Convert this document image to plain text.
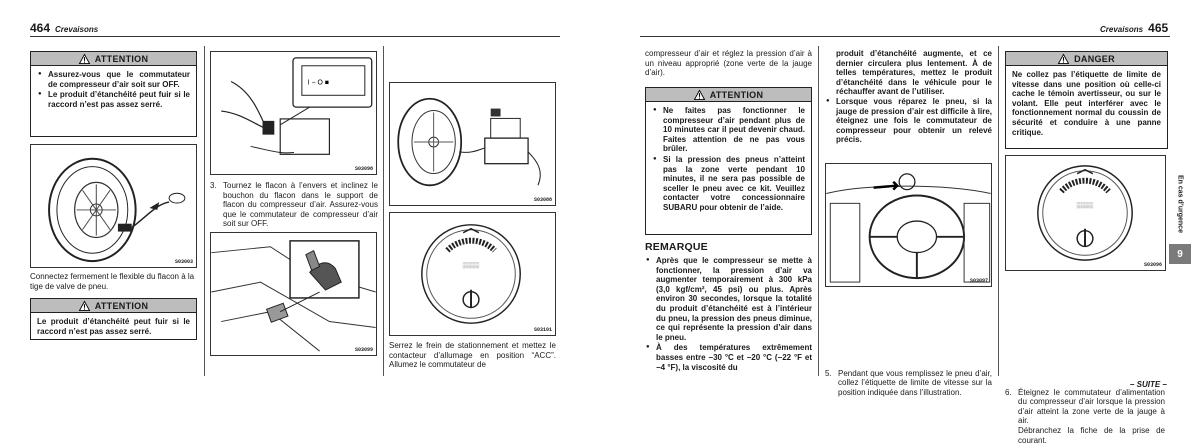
464 Crevaisons	Crevaisons 465
ATTENTION
● Assurez-vous que le commutateur de compresseur d’air soit sur OFF.
● Le produit d’étanchéité peut fuir si le raccord n’est pas assez serré.
S03003
Connectez fermement le flexible du flacon à la tige de valve de pneu.
ATTENTION
Le produit d’étanchéité peut fuir si le raccord n’est pas assez serré.
I − O ■
S03098
3. Tournez le flacon à l’envers et inclinez le bouchon du flacon dans le support de flacon du compresseur d’air. Assurez-vous que le commutateur de compresseur d’air soit sur OFF.
S03099
S03088
░░░░
S03101
Serrez le frein de stationnement et mettez le contacteur d’allumage en position “ACC”. Allumez le commutateur de
compresseur d’air et réglez la pression d’air à un niveau approprié (zone verte de la jauge d’air).
ATTENTION
● Ne faites pas fonctionner le compresseur d’air pendant plus de 10 minutes car il peut devenir chaud. Faites attention de ne pas vous brûler.
● Si la pression des pneus n’atteint pas la zone verte pendant 10 minutes, il ne sera pas possible de sceller le pneu avec ce kit. Veuillez contacter votre concessionnaire SUBARU pour obtenir de l’aide.
REMARQUE
● Après que le compresseur se mette à fonctionner, la pression d’air va augmenter temporairement à 300 kPa (3,0 kgf/cm², 45 psi) ou plus. Après environ 30 secondes, lorsque la totalité du produit d’étanchéité est à l’intérieur du pneu, la pression des pneus diminue, ce qui représente la pression d’air dans le pneu.
● À des températures extrêmement basses entre −30 °C et −20 °C (−22 °F et −4 °F), la viscosité du
produit d’étanchéité augmente, et ce dernier circulera plus lentement. À de telles températures, mettez le produit d’étanchéité dans le véhicule pour le réchauffer avant de l’utiliser.
● Lorsque vous réparez le pneu, si la jauge de pression d’air est difficile à lire, éteignez une fois le commutateur de compresseur pour obtenir un relevé précis.
S03097
5. Pendant que vous remplissez le pneu d’air, collez l’étiquette de limite de vitesse sur la position indiquée dans l’illustration.
DANGER
Ne collez pas l’étiquette de limite de vitesse dans une position où celle-ci cache le témoin avertisseur, ou sur le volant. Elle peut interférer avec le fonctionnement normal du coussin de sécurité et conduire à une panne critique.
░░░░
S03096
6. Éteignez le commutateur d’alimentation du compresseur d’air lorsque la pression d’air atteint la zone verte de la jauge à air.
Débranchez la fiche de la prise de courant.
En cas d’urgence
9
– SUITE –
